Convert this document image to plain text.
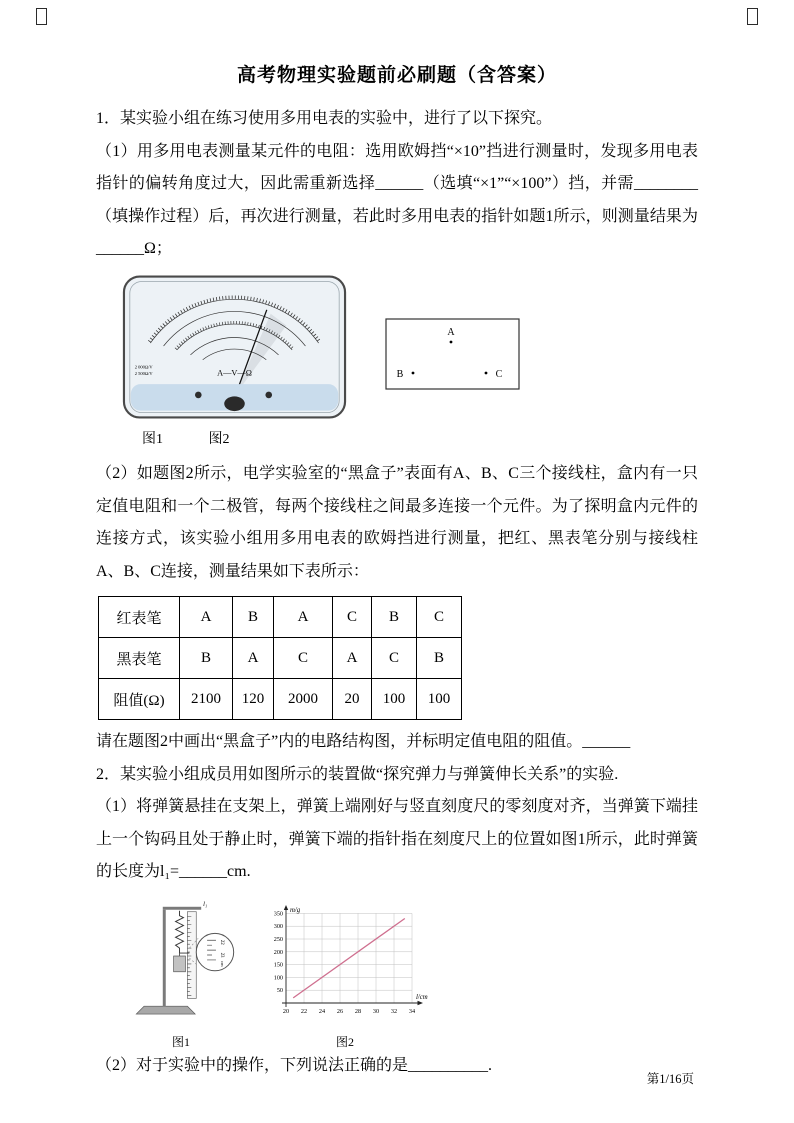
高考物理实验题前必刷题（含答案）

1．某实验小组在练习使用多用电表的实验中，进行了以下探究。

（1）用多用电表测量某元件的电阻：选用欧姆挡“×10”挡进行测量时，发现多用电表指针的偏转角度过大，因此需重新选择______（选填“×1”“×100”）挡，并需________（填操作过程）后，再次进行测量，若此时多用电表的指针如题1所示，则测量结果为______Ω；

A—V—Ω
2 000Ω/V
2 500Ω/V
A
B	C
图1	图2

（2）如题图2所示，电学实验室的“黑盒子”表面有A、B、C三个接线柱，盒内有一只定值电阻和一个二极管，每两个接线柱之间最多连接一个元件。为了探明盒内元件的连接方式，该实验小组用多用电表的欧姆挡进行测量，把红、黑表笔分别与接线柱A、B、C连接，测量结果如下表所示：

红表笔	A	B	A	C	B	C
黑表笔	B	A	C	A	C	B
阻值(Ω)	2100	120	2000	20	100	100

请在题图2中画出“黑盒子”内的电路结构图，并标明定值电阻的阻值。______

2．某实验小组成员用如图所示的装置做“探究弹力与弹簧伸长关系”的实验.

（1）将弹簧悬挂在支架上，弹簧上端刚好与竖直刻度尺的零刻度对齐，当弹簧下端挂上一个钩码且处于静止时，弹簧下端的指针指在刻度尺上的位置如图1所示，此时弹簧的长度为l₁=______cm.

l₁
22
23
cm
图1
m/g
l/cm
50
100
150
200
250
300
350
20 22 24 26 28 30 32 34
图2

（2）对于实验中的操作，下列说法正确的是__________.

第1/16页
